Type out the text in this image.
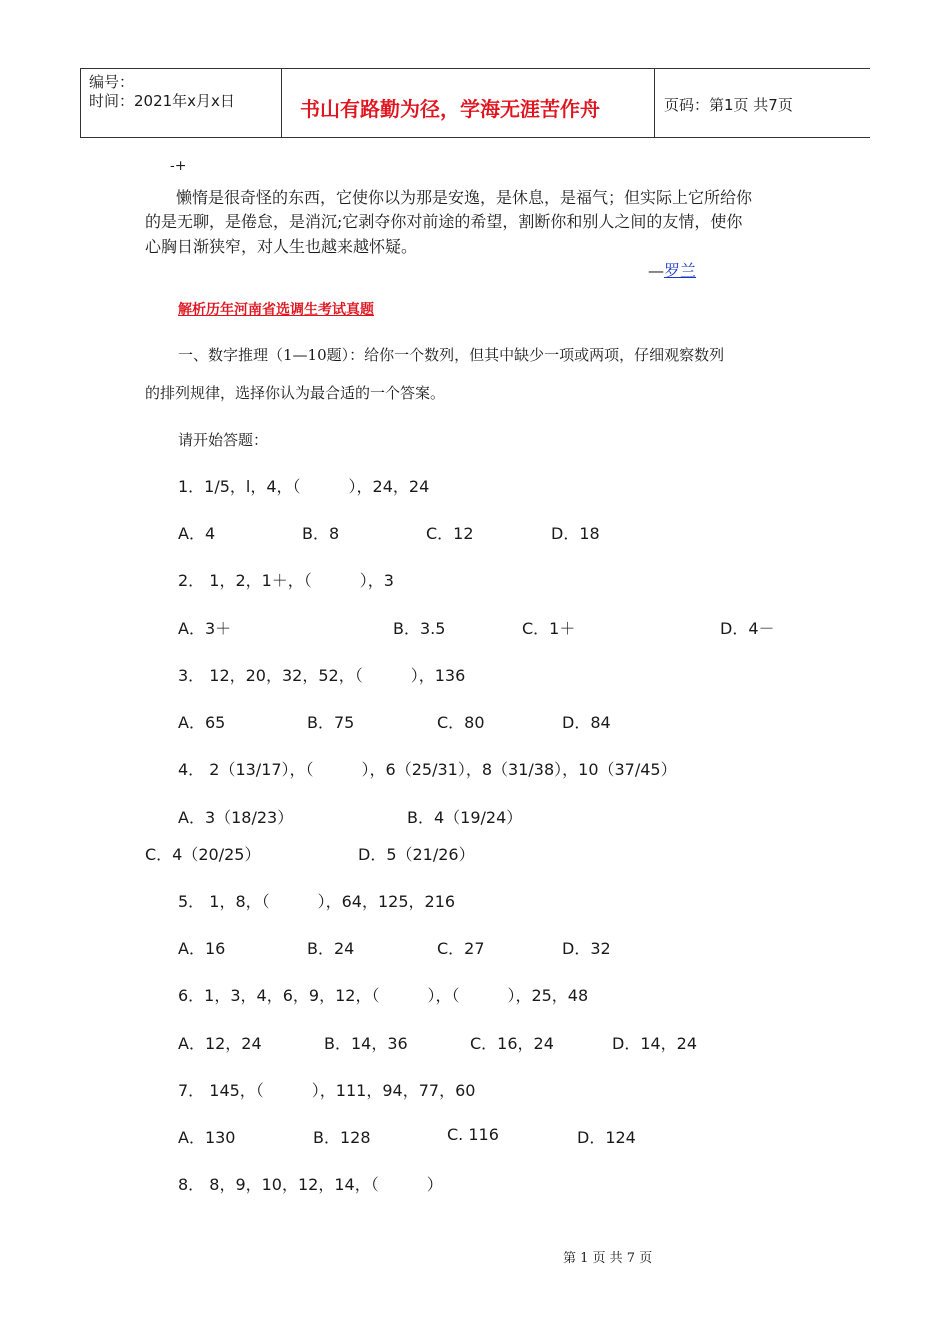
编号：
时间：2021年x月x日	书山有路勤为径，学海无涯苦作舟	页码：第1页 共7页
-+
懒惰是很奇怪的东西，它使你以为那是安逸，是休息，是福气；但实际上它所给你
的是无聊，是倦怠，是消沉;它剥夺你对前途的希望，割断你和别人之间的友情，使你
心胸日渐狭窄，对人生也越来越怀疑。
—罗兰
解析历年河南省选调生考试真题
一、数字推理（1—10题）：给你一个数列，但其中缺少一项或两项，仔细观察数列
的排列规律，选择你认为最合适的一个答案。
请开始答题：
1．1/5，l，4，（　　　），24，24
A．4	B．8	C．12	D．18
2． 1，2，1＋，（　　　），3
A．3＋	B．3.5	C．1＋	D．4－
3． 12，20，32，52，（　　　），136
A．65	B．75	C．80	D．84
4． 2（13/17），（　　　），6（25/31），8（31/38），10（37/45）
A．3（18/23）	B．4（19/24）
C．4（20/25）	D．5（21/26）
5． 1，8，（　　　），64，125，216
A．16	B．24	C．27	D．32
6．1，3，4，6，9，12，（　　　），（　　　），25，48
A．12，24	B．14，36	C．16，24	D．14，24
7． 145，（　　　），111，94，77，60
A．130	B．128	C. 116	D．124
8． 8，9，10，12，14，（　　　）
第 1 页 共 7 页
